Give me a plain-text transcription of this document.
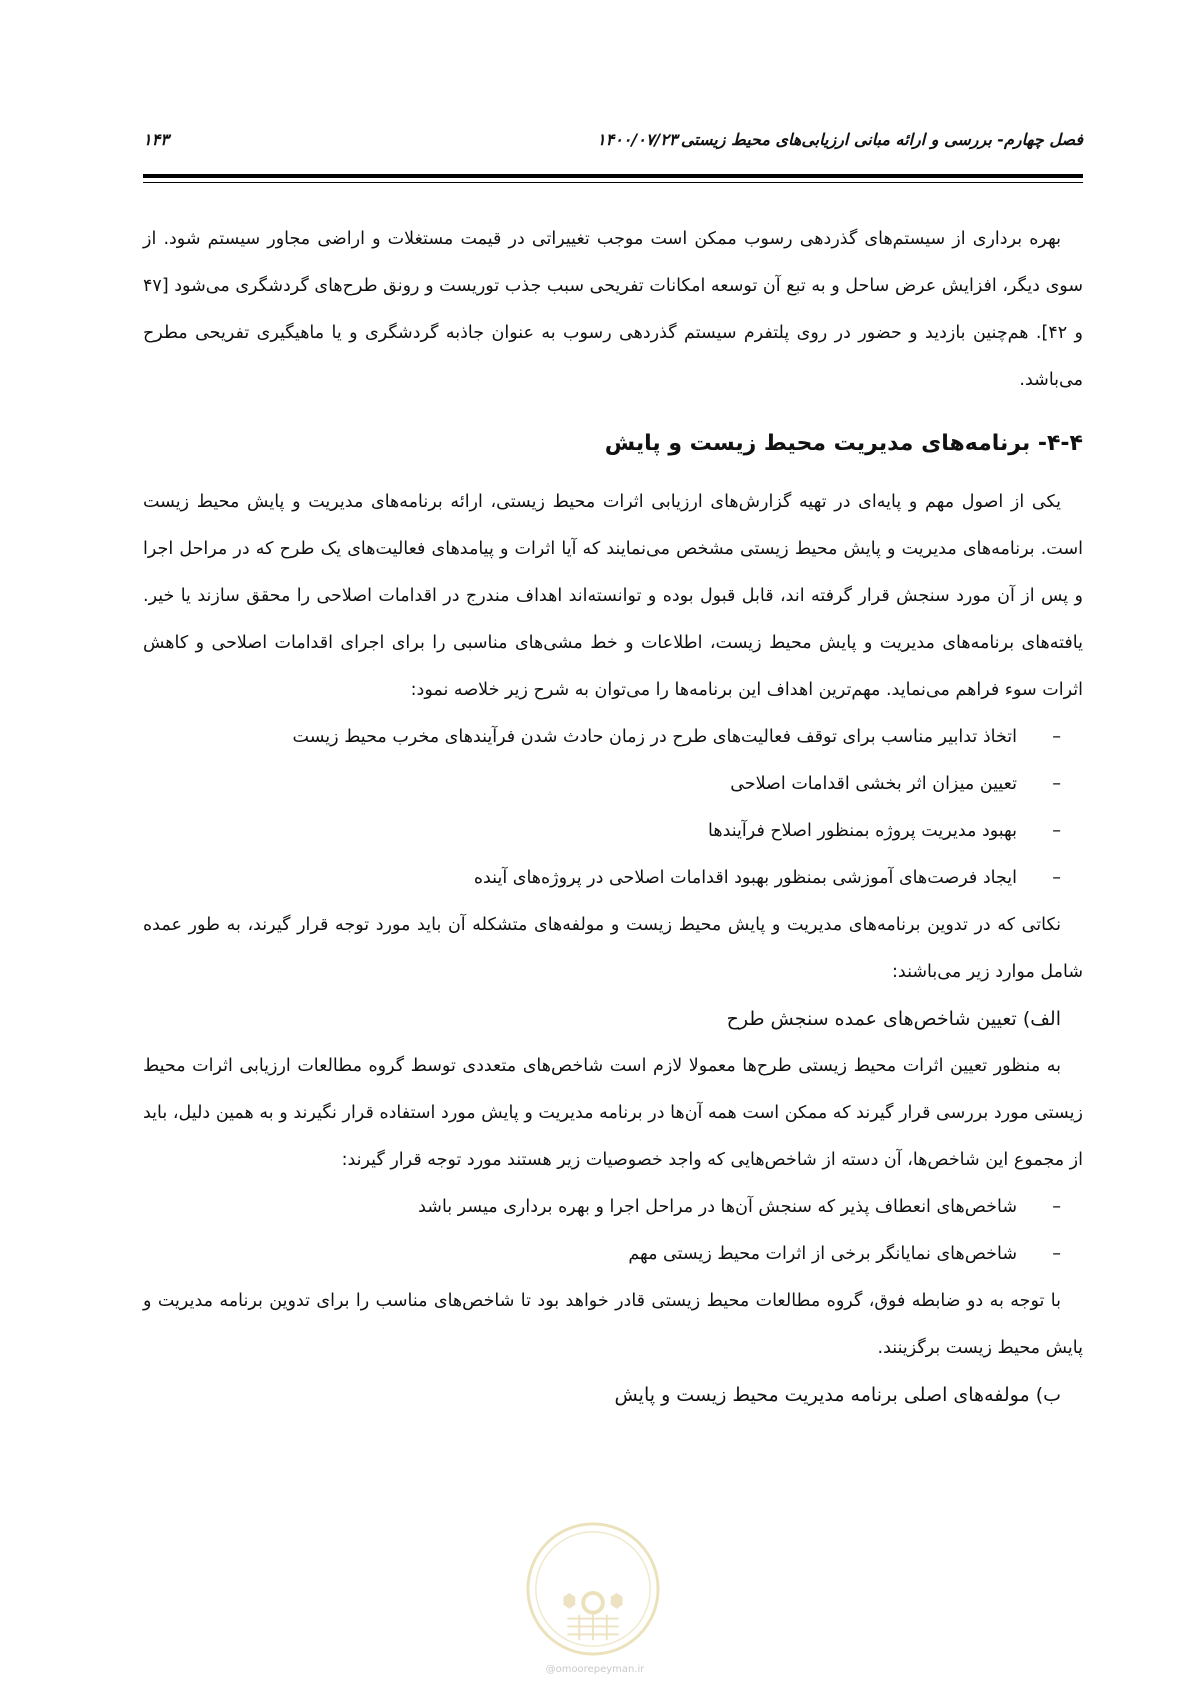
فصل چهارم- بررسی و ارائه مبانی ارزیابی‌های محیط زیستی
۱۴۰۰/۰۷/۲۳
۱۴۳

بهره برداری از سیستم‌های گذردهی رسوب ممکن است موجب تغییراتی در قیمت مستغلات و اراضی مجاور سیستم شود. از سوی دیگر، افزایش عرض ساحل و به تبع آن توسعه امکانات تفریحی سبب جذب توریست و رونق طرح‌های گردشگری می‌شود [۴۷ و ۴۲]. هم‌چنین بازدید و حضور در روی پلتفرم سیستم گذردهی رسوب به عنوان جاذبه گردشگری و یا ماهیگیری تفریحی مطرح می‌باشد.

۴-۴- برنامه‌های مدیریت محیط زیست و پایش

یکی از اصول مهم و پایه‌ای در تهیه گزارش‌های ارزیابی اثرات محیط زیستی، ارائه برنامه‌های مدیریت و پایش محیط زیست است. برنامه‌های مدیریت و پایش محیط زیستی مشخص می‌نمایند که آیا اثرات و پیامدهای فعالیت‌های یک طرح که در مراحل اجرا و پس از آن مورد سنجش قرار گرفته اند، قابل قبول بوده و توانسته‌اند اهداف مندرج در اقدامات اصلاحی را محقق سازند یا خیر. یافته‌های برنامه‌های مدیریت و پایش محیط زیست، اطلاعات و خط مشی‌های مناسبی را برای اجرای اقدامات اصلاحی و کاهش اثرات سوء فراهم می‌نماید. مهم‌ترین اهداف این برنامه‌ها را می‌توان به شرح زیر خلاصه نمود:

–
اتخاذ تدابیر مناسب برای توقف فعالیت‌های طرح در زمان حادث شدن فرآیندهای مخرب محیط زیست
–
تعیین میزان اثر بخشی اقدامات اصلاحی
–
بهبود مدیریت پروژه بمنظور اصلاح فرآیندها
–
ایجاد فرصت‌های آموزشی بمنظور بهبود اقدامات اصلاحی در پروژه‌های آینده

نکاتی که در تدوین برنامه‌های مدیریت و پایش محیط زیست و مولفه‌های متشکله آن باید مورد توجه قرار گیرند، به طور عمده شامل موارد زیر می‌باشند:

الف) تعیین شاخص‌های عمده سنجش طرح

به منظور تعیین اثرات محیط زیستی طرح‌ها معمولا لازم است شاخص‌های متعددی توسط گروه مطالعات ارزیابی اثرات محیط زیستی مورد بررسی قرار گیرند که ممکن است همه آن‌ها در برنامه مدیریت و پایش مورد استفاده قرار نگیرند و به همین دلیل، باید از مجموع این شاخص‌ها، آن دسته از شاخص‌هایی که واجد خصوصیات زیر هستند مورد توجه قرار گیرند:

–
شاخص‌های انعطاف پذیر که سنجش آن‌ها در مراحل اجرا و بهره برداری میسر باشد
–
شاخص‌های نمایانگر برخی از اثرات محیط زیستی مهم

با توجه به دو ضابطه فوق، گروه مطالعات محیط زیستی قادر خواهد بود تا شاخص‌های مناسب را برای تدوین برنامه مدیریت و پایش محیط زیست برگزینند.

ب) مولفه‌های اصلی برنامه مدیریت محیط زیست و پایش

@omoorepeyman.ir
